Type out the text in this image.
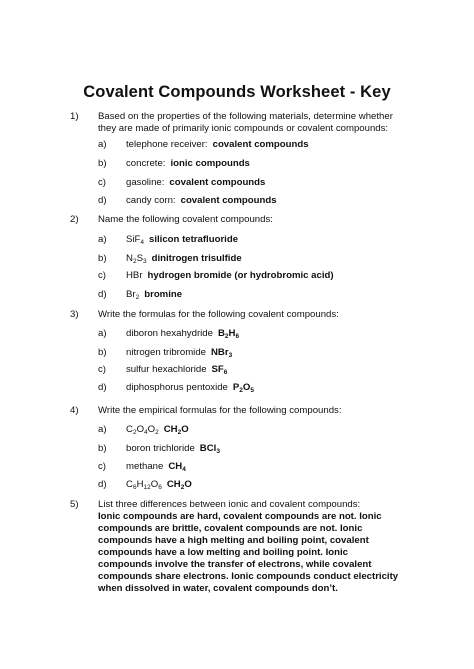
Covalent Compounds Worksheet - Key
1) Based on the properties of the following materials, determine whether they are made of primarily ionic compounds or covalent compounds:
a) telephone receiver: covalent compounds
b) concrete: ionic compounds
c) gasoline: covalent compounds
d) candy corn: covalent compounds
2) Name the following covalent compounds:
a) SiF$_4$ silicon tetrafluoride
b) $N_2S_3$ dinitrogen trisulfide
c) HBr hydrogen bromide (or hydrobromic acid)
d) $Br_2$ bromine
3) Write the formulas for the following covalent compounds:
a) diboron hexahydride $B_2H_6$
b) nitrogen tribromide NBr$_3$
c) sulfur hexachloride $SF_6$
d) diphosphorus pentoxide $P_2O_5$
4) Write the empirical formulas for the following compounds:
a) $C_2O_4O_2$ $CH_2O$
b) boron trichloride BCl$_3$
c) methane $CH_4$
d) $C_6H_{12}O_6$ $CH_2O$
5) List three differences between ionic and covalent compounds:
Ionic compounds are hard, covalent compounds are not. Ionic compounds are brittle, covalent compounds are not. Ionic compounds have a high melting and boiling point, covalent compounds have a low melting and boiling point. Ionic compounds involve the transfer of electrons, while covalent compounds share electrons. Ionic compounds conduct electricity when dissolved in water, covalent compounds don’t.
